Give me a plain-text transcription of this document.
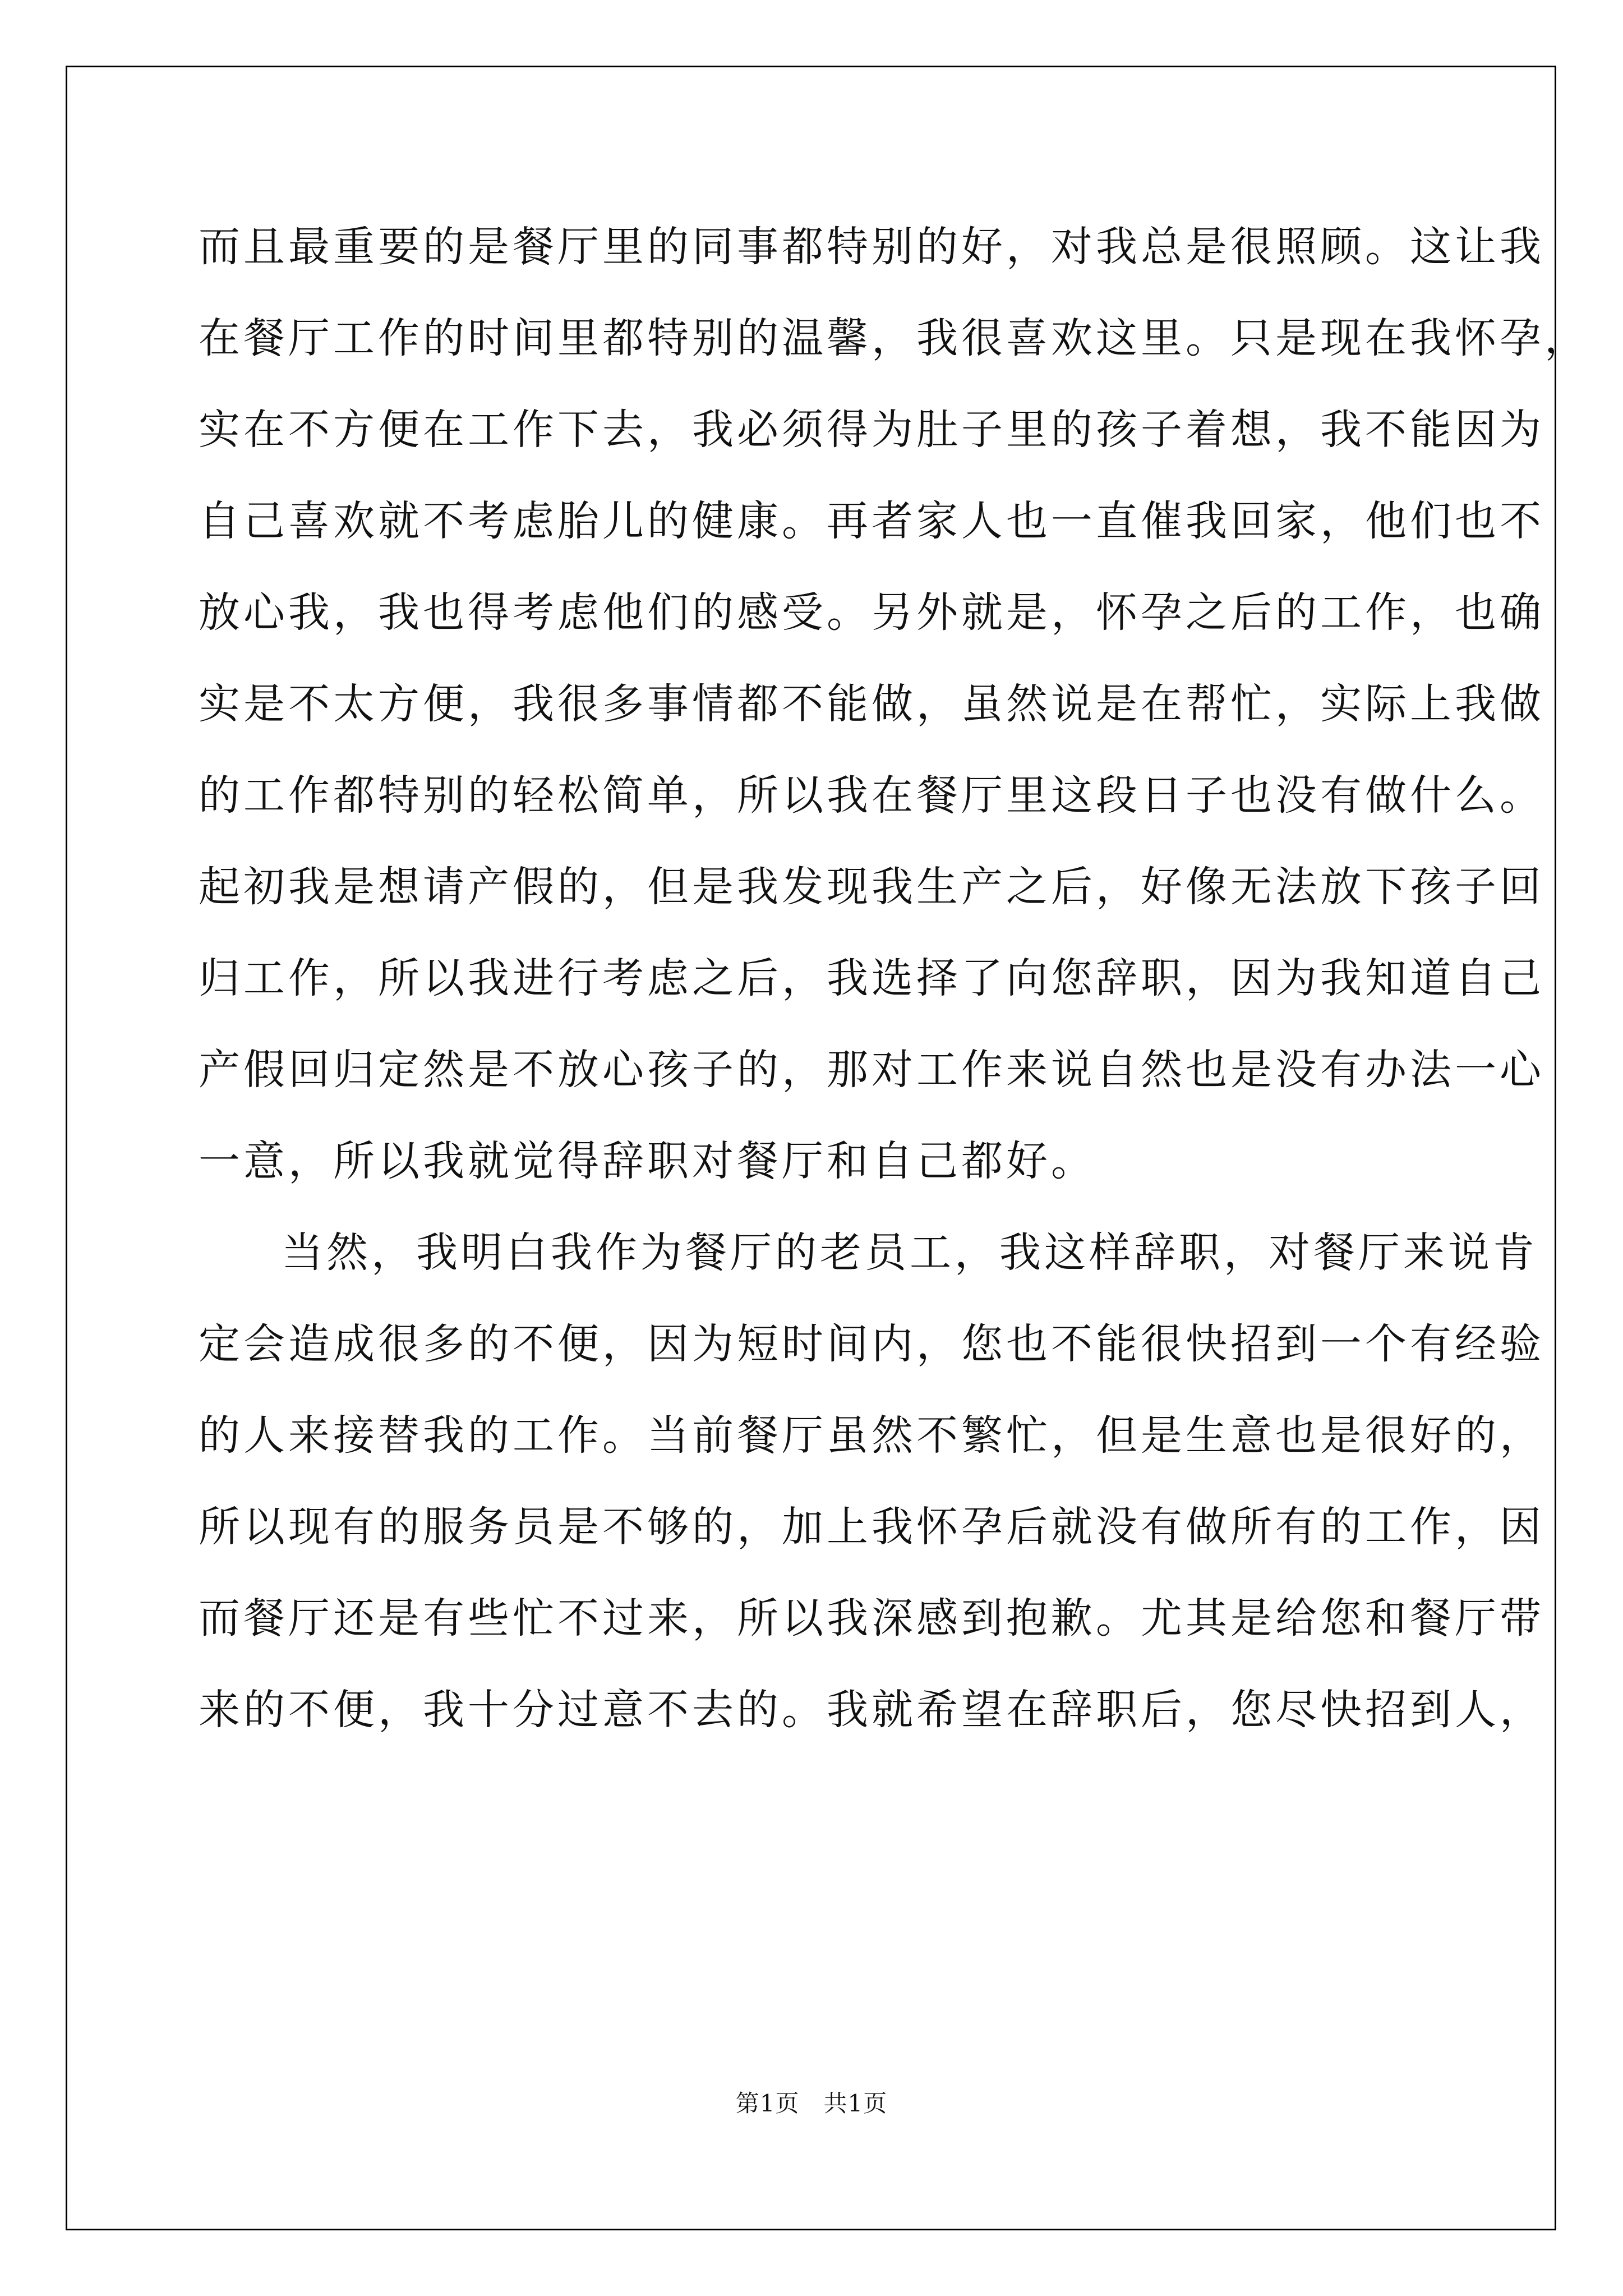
而且最重要的是餐厅里的同事都特别的好，对我总是很照顾。这让我
在餐厅工作的时间里都特别的温馨，我很喜欢这里。只是现在我怀孕，
实在不方便在工作下去，我必须得为肚子里的孩子着想，我不能因为
自己喜欢就不考虑胎儿的健康。再者家人也一直催我回家，他们也不
放心我，我也得考虑他们的感受。另外就是，怀孕之后的工作，也确
实是不太方便，我很多事情都不能做，虽然说是在帮忙，实际上我做
的工作都特别的轻松简单，所以我在餐厅里这段日子也没有做什么。
起初我是想请产假的，但是我发现我生产之后，好像无法放下孩子回
归工作，所以我进行考虑之后，我选择了向您辞职，因为我知道自己
产假回归定然是不放心孩子的，那对工作来说自然也是没有办法一心
一意，所以我就觉得辞职对餐厅和自己都好。
当然，我明白我作为餐厅的老员工，我这样辞职，对餐厅来说肯
定会造成很多的不便，因为短时间内，您也不能很快招到一个有经验
的人来接替我的工作。当前餐厅虽然不繁忙，但是生意也是很好的，
所以现有的服务员是不够的，加上我怀孕后就没有做所有的工作，因
而餐厅还是有些忙不过来，所以我深感到抱歉。尤其是给您和餐厅带
来的不便，我十分过意不去的。我就希望在辞职后，您尽快招到人，
第1页   共1页
